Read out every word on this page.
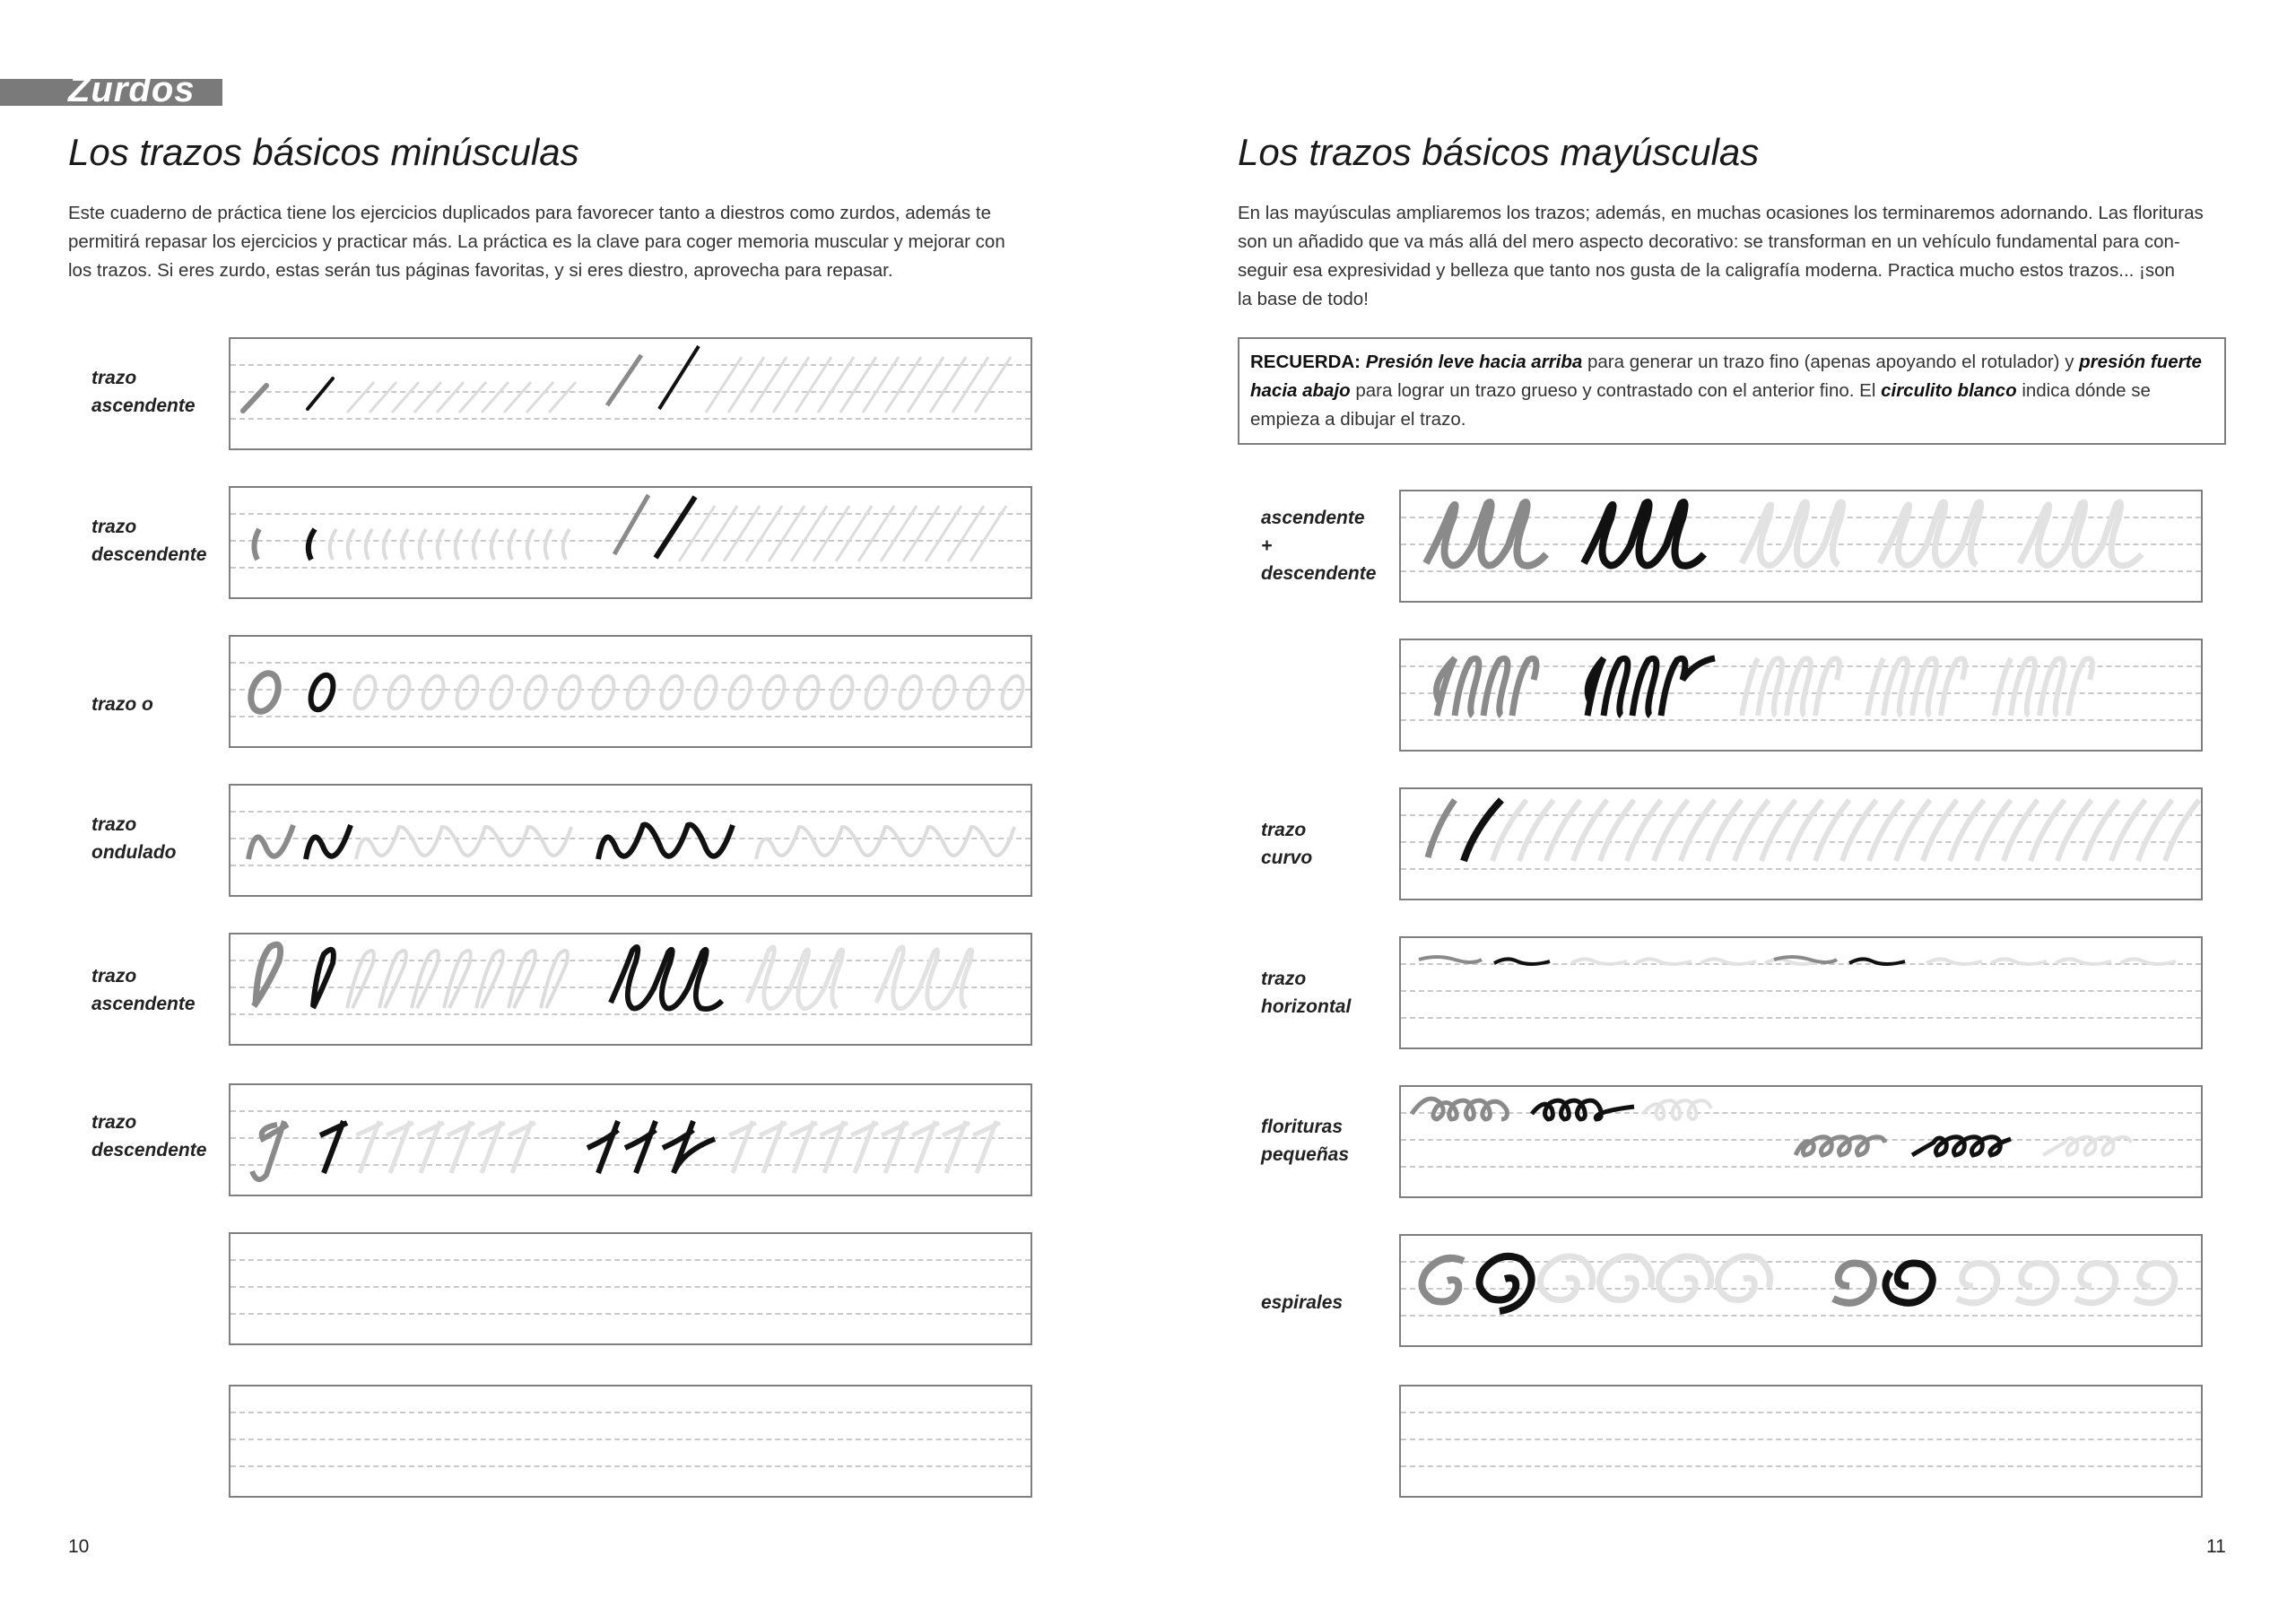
Zurdos
Los trazos básicos minúsculas
Este cuaderno de práctica tiene los ejercicios duplicados para favorecer tanto a diestros como zurdos, además te
permitirá repasar los ejercicios y practicar más. La práctica es la clave para coger memoria muscular y mejorar con
los trazos. Si eres zurdo, estas serán tus páginas favoritas, y si eres diestro, aprovecha para repasar.
trazo
ascendente
trazo
descendente
trazo o
trazo
ondulado
trazo
ascendente
trazo
descendente
10
Los trazos básicos mayúsculas
En las mayúsculas ampliaremos los trazos; además, en muchas ocasiones los terminaremos adornando. Las florituras
son un añadido que va más allá del mero aspecto decorativo: se transforman en un vehículo fundamental para con-
seguir esa expresividad y belleza que tanto nos gusta de la caligrafía moderna. Practica mucho estos trazos... ¡son
la base de todo!
RECUERDA: Presión leve hacia arriba para generar un trazo fino (apenas apoyando el rotulador) y presión fuerte hacia abajo para lograr un trazo grueso y contrastado con el anterior fino. El circulito blanco indica dónde se empieza a dibujar el trazo.
ascendente
+
descendente
trazo
curvo
trazo
horizontal
florituras
pequeñas
espirales
11
